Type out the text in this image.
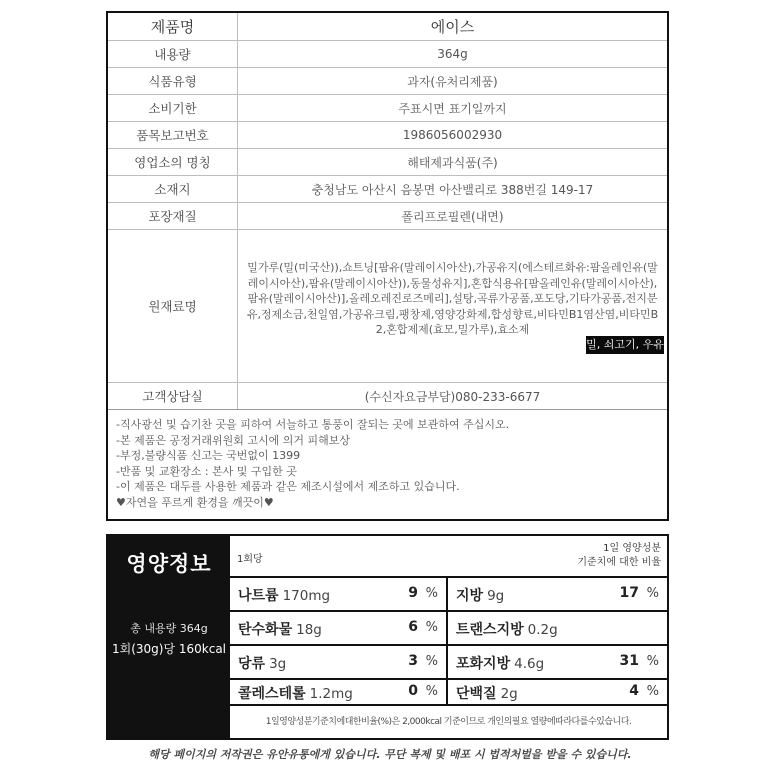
제품명	에이스
내용량	364g
식품유형	과자(유처리제품)
소비기한	주표시면 표기일까지
품목보고번호	1986056002930
영업소의 명칭	해태제과식품(주)
소재지	충청남도 아산시 음봉면 아산밸리로 388번길 149-17
포장재질	폴리프로필렌(내면)
원재료명	밀가루(밀(미국산)),쇼트닝[팜유(말레이시아산),가공유지(에스테르화유:팜올레인유(말레이시아산),팜유(말레이시아산)),동물성유지],혼합식용유[팜올레인유(말레이시아산),팜유(말레이시아산)],올레오레진로즈메리],설탕,곡류가공품,포도당,기타가공품,전지분유,정제소금,천일염,가공유크림,팽창제,영양강화제,합성향료,비타민B1염산염,비타민B2,혼합제제(효모,밀가루),효소제
밀, 쇠고기, 우유 함유

고객상담실	(수신자요금부담)080-233-6677
-직사광선 및 습기찬 곳을 피하여 서늘하고 통풍이 잘되는 곳에 보관하여 주십시오.
-본 제품은 공정거래위원회 고시에 의거 피해보상
-부정,불량식품 신고는 국번없이 1399
-반품 및 교환장소 : 본사 및 구입한 곳
-이 제품은 대두를 사용한 제품과 같은 제조시설에서 제조하고 있습니다.
♥자연을 푸르게 환경을 깨끗이♥
영양정보
총 내용량 364g
1회(30g)당 160kcal
1회당
1일 영양성분
기준치에 대한 비율
나트륨 170mg	9 % 지방 9g	17 %
탄수화물 18g	6 % 트랜스지방 0.2g
당류 3g	3 % 포화지방 4.6g	31 %
콜레스테롤 1.2mg	0 % 단백질 2g	4 %
1일영양성분기준치에대한비율(%)은 2,000kcal 기준이므로 개인의필요 열량에따라다를수있습니다.
해당 페이지의 저작권은 유안유통에게 있습니다. 무단 복제 및 배포 시 법적처벌을 받을 수 있습니다.
